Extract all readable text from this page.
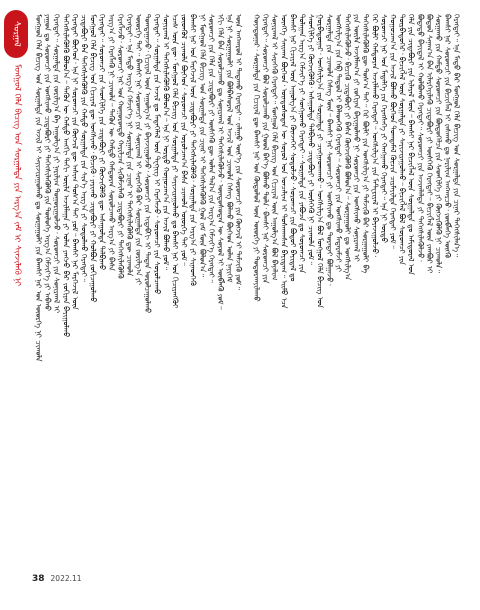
ᠰᠤᠷᠭᠠᠯ
ᠮᠣᠩᠭᠣᠯ ᠬᠡᠯᠡ ᠪᠢᠴᠢᠭ ᠤᠨ ᠰᠤᠷᠭᠠᠯᠲᠠ ᠶᠢᠨ ᠠᠷᠭ᠎ᠠ ᠵᠠᠮ ᠢ ᠰᠢᠨᠵᠢᠯᠡᠬᠦ ᠨᠢ ᠮᠣᠩᠭᠣᠯ ᠬᠡᠯᠡ ᠪᠢᠴᠢᠭ ᠤᠨ ᠰᠤᠷᠭᠠᠯᠲᠠ ᠶᠢᠨ ᠠᠵᠢᠯ ᠢ ᠰᠠᠶᠢᠵᠢᠷᠠᠭᠤᠯᠬᠤ ᠳᠤ ᠰᠤᠷᠭᠠᠭᠤᠯᠢ ᠶᠢᠨ ᠪᠠᠭᠰᠢ ᠨᠠᠷ ᠤᠨ ᠦᠦᠷᠭᠡ ᠨᠢ ᠴᠢᠬᠤᠯᠠ ᠶᠠᠭᠤᠨ ᠳᠤ ᠰᠤᠷᠤᠭᠴᠢ ᠶᠢᠨ ᠤᠩᠰᠢᠬᠤ ᠴᠢᠳᠠᠪᠤᠷᠢ ᠶᠢ ᠳᠡᠭᠡᠭᠰᠢᠯᠡᠭᠦᠯᠬᠦ ᠶᠢᠨ ᠲᠥᠯᠦᠭᠡ ᠠᠷᠭ᠎ᠠ ᠬᠡᠮᠵᠢᠶ᠎ᠡ ᠶᠢ ᠠᠪᠬᠤ ᠬᠡᠷᠡᠭᠲᠡᠢ᠃ ᠰᠤᠷᠭᠠᠯᠲᠠ ᠶᠢᠨ ᠵᠤᠷᠢᠯᠭ᠎ᠠ ᠪᠠ ᠠᠭᠤᠯᠭ᠎ᠠ ᠶᠢ ᠨᠠᠷᠢᠯᠢᠭ ᠲᠤᠭᠤᠷᠢᠭᠤᠯᠵᠤ᠂ ᠰᠤᠷᠤᠭᠴᠢ ᠶᠢᠨ ᠰᠤᠨᠢᠷᠬᠠᠯ ᠢ ᠳᠡᠭᠡᠭᠰᠢᠯᠡᠭᠦᠯᠬᠦ ᠪᠣᠯᠤᠨ᠎ᠠ᠃ ᠲᠡᠭᠦᠨ ᠦ ᠬᠠᠮᠲᠤ ᠠᠩᠭᠢ ᠳᠠᠬᠢ ᠦᠢᠯᠡ ᠠᠵᠢᠯᠯᠠᠭᠠ ᠶᠢ ᠣᠯᠠᠨ ᠶᠠᠩᠵᠤ ᠪᠡᠷ ᠵᠣᠬᠢᠶᠠᠨ ᠪᠠᠶᠢᠭᠤᠯᠬᠤ ᠬᠡᠷᠡᠭᠲᠡᠢ ᠪᠥᠭᠡᠳ᠂ ᠡᠨᠡ ᠨᠢ ᠰᠤᠷᠤᠭᠴᠢ ᠶᠢᠨ ᠬᠥᠭᠵᠢᠯ ᠳᠦ ᠠᠰᠢᠭ ᠲᠤᠰ᠎ᠠ ᠲᠠᠢ ᠶᠤᠮ᠃ ᠪᠠᠭᠰᠢ ᠨᠠᠷ ᠮᠡᠷᠭᠡᠵᠢᠯ ᠦᠨ ᠴᠢᠳᠠᠪᠤᠷᠢ ᠪᠡᠨ ᠳᠡᠭᠡᠭᠰᠢᠯᠡᠭᠦᠯᠬᠦ ᠶᠢᠨ ᠬᠠᠮᠲᠤ ᠰᠤᠷᠭᠠᠯᠲᠠ ᠶᠢᠨ ᠰᠢᠨ᠎ᠡ ᠠᠷᠭ᠎ᠠ ᠶᠢ ᠰᠤᠳᠤᠯᠬᠤ ᠬᠡᠷᠡᠭᠲᠡᠢ᠃ ᠮᠣᠩᠭᠣᠯ ᠬᠡᠯᠡ ᠪᠢᠴᠢᠭ ᠤᠨ ᠬᠢᠴᠢᠶᠡᠯ ᠳᠦ ᠤᠩᠰᠢᠬᠤ᠂ ᠪᠢᠴᠢᠬᠦ᠂ ᠶᠠᠷᠢᠬᠤ ᠴᠢᠳᠠᠪᠤᠷᠢ ᠶᠢ ᠬᠣᠯᠪᠣᠨ ᠵᠣᠬᠢᠴᠠᠭᠤᠯᠬᠤ ᠬᠡᠷᠡᠭᠲᠡᠢ᠃ ᠰᠤᠷᠤᠭᠴᠢ ᠶᠢᠨ ᠰᠡᠳᠬᠢᠯᠭᠡ ᠶᠢᠨ ᠴᠢᠳᠠᠪᠤᠷᠢ ᠶᠢ ᠬᠥᠭᠵᠢᠭᠦᠯᠬᠦ ᠳᠦ ᠠᠰᠠᠭᠤᠯᠲᠠ ᠲᠠᠯᠪᠢᠬᠤ ᠠᠷᠭ᠎ᠠ ᠶᠢ ᠬᠡᠷᠡᠭᠯᠡᠬᠦ ᠨᠢ ᠴᠢᠬᠤᠯᠠ᠃ ᠲᠡᠭᠦᠨ ᠦ ᠬᠠᠮᠲᠤ ᠬᠠᠮᠲᠤᠷᠠᠨ ᠰᠤᠷᠤᠯᠴᠠᠬᠤ ᠠᠷᠭ᠎ᠠ ᠶᠢ ᠪᠠᠰᠠ ᠬᠡᠷᠡᠭᠯᠡᠵᠦ᠂ ᠰᠤᠷᠤᠭᠴᠢ ᠨᠠᠷ ᠤᠨ ᠬᠣᠭᠣᠷᠣᠨᠳᠤ ᠬᠠᠷᠢᠯᠴᠠᠨ ᠰᠢᠭᠦᠮᠵᠢᠯᠡᠬᠦ ᠴᠢᠳᠠᠪᠤᠷᠢ ᠶᠢ ᠳᠡᠭᠡᠭᠰᠢᠯᠡᠭᠦᠯᠬᠦ ᠬᠡᠷᠡᠭᠲᠡᠢ᠃ ᠡᠨᠡ ᠮᠡᠲᠦ ᠠᠷᠭ᠎ᠠ ᠬᠡᠮᠵᠢᠶ᠎ᠡ ᠨᠢ ᠰᠤᠷᠭᠠᠯᠲᠠ ᠶᠢᠨ ᠴᠢᠨᠠᠷ ᠢ ᠳᠡᠭᠡᠭᠰᠢᠯᠡᠭᠦᠯᠬᠦ ᠳᠦ ᠴᠢᠬᠤᠯᠠ ᠦᠦᠷᠭᠡ ᠲᠠᠢ᠃ ᠪᠠᠭᠰᠢ ᠨᠠᠷ ᠰᠤᠷᠤᠭᠴᠢ ᠶᠢᠨ ᠰᠣᠨᠢᠷᠬᠠᠯ ᠢ ᠰᠡᠷᠡᠭᠡᠬᠦ ᠪᠡᠷ ᠰᠤᠷᠭᠠᠯᠲᠠ ᠶᠢᠨ ᠵᠤᠷᠢᠯᠭ᠎ᠠ ᠶᠢ ᠲᠣᠭᠲᠠᠭᠠᠵᠤ᠂ ᠬᠢᠴᠢᠶᠡᠯ ᠦᠨ ᠠᠭᠤᠯᠭ᠎ᠠ ᠶᠢ ᠪᠠᠶᠠᠵᠢᠭᠤᠯᠵᠤ᠂ ᠰᠤᠷᠤᠭᠴᠢ ᠶᠢᠨ ᠢᠳᠡᠪᠬᠢ ᠢ ᠲᠠᠲᠠᠨ ᠣᠷᠣᠯᠴᠠᠭᠤᠯᠬᠤ ᠬᠡᠷᠡᠭᠲᠡᠢ᠃ ᠰᠤᠷᠭᠠᠯᠲᠠ ᠶᠢᠨ ᠠᠵᠢᠯ ᠳᠤ ᠮᠡᠳᠡᠭᠡᠯᠡᠯ ᠦᠨ ᠲᠧᠭᠨᠢᠭ ᠢ ᠬᠡᠷᠡᠭᠯᠡᠵᠦ᠂ ᠰᠤᠷᠤᠭᠴᠢ ᠶᠢᠨ ᠰᠤᠷᠤᠯᠴᠠᠬᠤ ᠰᠣᠨᠢᠷᠬᠠᠯ ᠢ ᠳᠡᠭᠡᠭᠰᠢᠯᠡᠭᠦᠯᠬᠦ ᠪᠣᠯᠤᠨ᠎ᠠ᠃ ᠡᠨᠡ ᠨᠢ ᠤᠷᠲᠤ ᠬᠤᠭᠤᠴᠠᠭ᠎ᠠ ᠶᠢᠨ ᠠᠵᠢᠯ ᠪᠣᠯᠬᠤ ᠶᠤᠮ᠃ ᠡᠴᠡᠰ ᠦᠨ ᠳᠦ᠂ ᠮᠣᠩᠭᠣᠯ ᠬᠡᠯᠡ ᠪᠢᠴᠢᠭ ᠤᠨ ᠰᠤᠷᠭᠠᠯᠲᠠ ᠶᠢ ᠰᠠᠶᠢᠵᠢᠷᠠᠭᠤᠯᠬᠤ ᠳᠤ ᠪᠠᠭᠰᠢ ᠨᠠᠷ ᠤᠨ ᠬᠢᠴᠢᠶᠡᠩᠭᠦᠢ ᠵᠦᠳᠭᠦᠯ ᠴᠢᠬᠤᠯᠠ ᠪᠥᠭᠡᠳ᠂ ᠰᠤᠷᠤᠭᠴᠢ ᠶᠢᠨ ᠣᠷᠣᠯᠴᠠᠭ᠎ᠠ ᠪᠠᠰᠠ ᠴᠢᠬᠤᠯᠠ ᠦᠦᠷᠭᠡ ᠲᠠᠢ ᠶᠤᠮ᠃ ᠪᠠᠭᠰᠢ ᠨᠠᠷ ᠤᠨ ᠮᠡᠷᠭᠡᠵᠢᠯ ᠦᠨ ᠴᠢᠳᠠᠪᠤᠷᠢ ᠶᠢ ᠳᠡᠭᠡᠭᠰᠢᠯᠡᠭᠦᠯᠬᠦ᠂ ᠰᠤᠷᠭᠠᠯᠲᠠ ᠶᠢᠨ ᠠᠷᠭ᠎ᠠ ᠶᠢ ᠰᠢᠨᠡᠳᠬᠡᠬᠦ ᠨᠢ ᠮᠣᠩᠭᠣᠯ ᠬᠡᠯᠡ ᠪᠢᠴᠢᠭ ᠤᠨ ᠰᠤᠷᠭᠠᠯᠲᠠ ᠶᠢᠨ ᠴᠢᠨᠠᠷ ᠢ ᠳᠡᠭᠡᠭᠰᠢᠯᠡᠭᠦᠯᠬᠦ ᠭᠣᠯ ᠵᠠᠮ ᠮᠥᠨ ᠪᠣᠯᠤᠨ᠎ᠠ᠃ ᠰᠤᠷᠤᠭᠴᠢ ᠶᠢᠨ ᠬᠡᠯᠡ ᠶᠢᠨ ᠴᠢᠳᠠᠪᠤᠷᠢ ᠶᠢ ᠥᠰᠬᠡᠬᠦ ᠳᠦ ᠣᠯᠠᠨ ᠲᠠᠯ᠎ᠠ ᠶᠢᠨ ᠠᠷᠭ᠎ᠠ ᠬᠡᠮᠵᠢᠶ᠎ᠡ ᠬᠡᠷᠡᠭᠲᠡᠢ᠃ ᠡᠬᠢ ᠬᠡᠯᠡ ᠪᠡᠨ ᠰᠤᠷᠤᠯᠴᠠᠬᠤ ᠳᠤ ᠰᠣᠨᠢᠷᠬᠠᠯ ᠢ ᠳᠡᠭᠡᠭᠰᠢᠯᠡᠭᠦᠯᠵᠦ᠂ ᠦᠨᠳᠦᠰᠦᠲᠡᠨ ᠦ ᠰᠣᠶᠣᠯ ᠢ ᠥᠪᠯᠡᠬᠦ ᠶᠤᠮ᠃ ᠡᠨᠡ ᠨᠢ ᠰᠤᠷᠭᠠᠭᠤᠯᠢ ᠶᠢᠨ ᠪᠣᠯᠪᠠᠰᠤᠷᠠᠯ ᠤᠨ ᠠᠵᠢᠯ ᠤᠨ ᠴᠢᠬᠤᠯᠠ ᠬᠡᠰᠡᠭ ᠪᠣᠯᠬᠤ ᠪᠥᠭᠡᠳ ᠣᠯᠠᠨ ᠨᠡᠶᠢᠭᠡᠮ ᠦᠨ ᠠᠩᠬᠠᠷᠤᠯ ᠢ ᠲᠠᠲᠠᠬᠤ ᠬᠡᠷᠡᠭᠲᠡᠢ᠃ ᠵᠠᠯᠠᠭᠤ ᠦᠶ᠎ᠡ ᠶᠢᠨ ᠰᠤᠷᠤᠭᠴᠢ ᠶᠢᠨ ᠬᠥᠭᠵᠢᠯ ᠢ ᠳᠡᠮᠵᠢᠬᠦ ᠶᠤᠮ᠃ ᠬᠣᠶᠠᠳᠤᠭᠠᠷ᠂ ᠰᠤᠷᠭᠠᠯᠲᠠ ᠶᠢᠨ ᠬᠢᠴᠢᠶᠡᠯ ᠳᠦ ᠪᠠᠭᠰᠢ ᠨᠠᠷ ᠤᠨ ᠬᠥᠲᠦᠯᠦᠯ ᠦᠨ ᠦᠦᠷᠭᠡ ᠶᠢ ᠲᠣᠳᠤᠷᠬᠠᠶᠢᠯᠠᠬᠤ ᠬᠡᠷᠡᠭᠲᠡᠢ᠃ ᠰᠤᠷᠤᠭᠴᠢ ᠪᠣᠯ ᠰᠤᠷᠤᠯᠴᠠᠬᠤ ᠶᠢᠨ ᠭᠣᠣᠯ ᠪᠡᠶ᠎ᠡ ᠪᠣᠯᠬᠤ ᠲᠤᠯᠠ᠂ ᠪᠠᠭᠰᠢ ᠨᠠᠷ ᠰᠤᠷᠤᠭᠴᠢ ᠶᠢᠨ ᠰᠣᠨᠢᠷᠬᠠᠯ ᠢ ᠰᠡᠷᠡᠭᠡᠬᠦ ᠬᠡᠷᠡᠭᠲᠡᠢ᠃ ᠮᠣᠩᠭᠣᠯ ᠬᠡᠯᠡ ᠪᠢᠴᠢᠭ ᠤᠨ ᠬᠢᠴᠢᠶᠡᠯ ᠦᠨ ᠠᠭᠤᠯᠭ᠎ᠠ ᠪᠣᠯ ᠪᠠᠶᠠᠯᠢᠭ ᠥᠩᠭᠡ ᠰᠠᠢᠬᠠᠨ ᠪᠥᠭᠡᠳ᠂ ᠦᠨᠳᠦᠰᠦᠲᠡᠨ ᠦ ᠰᠣᠶᠣᠯ ᠤᠨ ᠣᠨᠴᠠᠯᠢᠭ ᠢ ᠲᠤᠰᠬᠠᠭᠰᠠᠨ ᠪᠠᠶᠢᠳᠠᠭ᠃ ᠡᠢᠮᠦ ᠡᠴᠡ ᠪᠠᠭᠰᠢ ᠨᠠᠷ ᠬᠢᠴᠢᠶᠡᠯ ᠦᠨ ᠠᠭᠤᠯᠭ᠎ᠠ ᠶᠢ ᠭᠦᠨᠵᠡᠭᠡᠢ ᠰᠤᠳᠤᠯᠵᠤ᠂ ᠰᠤᠷᠤᠭᠴᠢ ᠶᠢᠨ ᠪᠣᠳᠤᠢ ᠪᠠᠶᠢᠳᠠᠯ ᠳᠤ ᠳᠤᠯᠠᠭᠠᠨ ᠠᠷᠭ᠎ᠠ ᠬᠡᠮᠵᠢᠶ᠎ᠡ ᠶᠢ ᠰᠣᠩᠭᠣᠬᠤ ᠬᠡᠷᠡᠭᠲᠡᠢ᠃ ᠰᠤᠷᠭᠠᠯᠲᠠ ᠶᠢᠨ ᠶᠠᠪᠤᠴᠠ ᠳᠤ ᠰᠤᠷᠤᠭᠴᠢ ᠶᠢᠨ ᠰᠡᠳᠬᠢᠯᠭᠡ ᠶᠢ ᠬᠥᠭᠵᠢᠭᠦᠯᠬᠦ᠂ ᠠᠰᠠᠭᠤᠯᠲᠠ ᠲᠠᠯᠪᠢᠬᠤ ᠴᠢᠳᠠᠪᠤᠷᠢ ᠶᠢ ᠥᠰᠬᠡᠬᠦ ᠨᠢ ᠴᠢᠬᠤᠯᠠ ᠶᠤᠮ᠃ ᠭᠤᠷᠪᠠᠳᠤᠭᠠᠷ᠂ ᠤᠩᠰᠢᠯᠭ᠎ᠠ ᠶᠢᠨ ᠰᠤᠷᠭᠠᠯᠲᠠ ᠶᠢ ᠴᠢᠩᠭᠠᠳᠬᠠᠬᠤ᠃ ᠤᠩᠰᠢᠯᠭ᠎ᠠ ᠪᠣᠯ ᠮᠣᠩᠭᠣᠯ ᠬᠡᠯᠡ ᠪᠢᠴᠢᠭ ᠤᠨ ᠰᠤᠷᠭᠠᠯᠲᠠ ᠶᠢᠨ ᠴᠢᠬᠤᠯᠠ ᠬᠡᠰᠡᠭ ᠮᠥᠨ᠃ ᠪᠠᠭᠰᠢ ᠨᠠᠷ ᠰᠤᠷᠤᠭᠴᠢ ᠶᠢ ᠤᠩᠰᠢᠬᠤ ᠳᠤ ᠳᠤᠷᠠᠲᠠᠢ ᠪᠣᠯᠭᠠᠵᠤ᠂ ᠤᠩᠰᠢᠯᠭ᠎ᠠ ᠶᠢᠨ ᠬᠡᠪ ᠳᠠᠳᠤᠯ ᠢ ᠪᠡᠯᠡᠳᠬᠡᠬᠦ ᠬᠡᠷᠡᠭᠲᠡᠢ᠃ ᠰᠤᠷᠤᠭᠴᠢ ᠶᠢᠨ ᠤᠩᠰᠢᠬᠤ ᠮᠡᠳᠡᠷᠡᠮᠵᠢ ᠶᠢ ᠳᠡᠭᠡᠭᠰᠢᠯᠡᠭᠦᠯᠵᠦ᠂ ᠪᠢᠴᠢᠬᠦ ᠴᠢᠳᠠᠪᠤᠷᠢ ᠶᠢ ᠪᠠᠰᠠ ᠬᠥᠭᠵᠢᠭᠦᠯᠬᠦ ᠪᠣᠯᠤᠨ᠎ᠠ᠃ ᠰᠤᠷᠭᠠᠭᠤᠯᠢ ᠳᠤ ᠤᠩᠰᠢᠯᠭ᠎ᠠ ᠶᠢᠨ ᠦᠢᠯᠡ ᠠᠵᠢᠯᠯᠠᠭ᠎ᠠ ᠶᠢ ᠵᠣᠬᠢᠶᠠᠨ ᠪᠠᠶᠢᠭᠤᠯᠬᠤ ᠨᠢ ᠰᠤᠷᠤᠭᠴᠢ ᠶᠢᠨ ᠤᠩᠰᠢᠬᠤ ᠰᠣᠨᠢᠷᠬᠠᠯ ᠢ ᠳᠡᠭᠡᠭᠰᠢᠯᠡᠭᠦᠯᠬᠦ ᠳᠦ ᠲᠤᠰ᠎ᠠ ᠲᠠᠢ᠃ ᠭᠡᠷ ᠪᠦᠯᠢ ᠶᠢᠨ ᠤᠩᠰᠢᠯᠭ᠎ᠠ ᠶᠢ ᠳᠡᠮᠵᠢᠬᠦ ᠪᠡᠷ ᠰᠤᠷᠭᠠᠭᠤᠯᠢ ᠪᠠ ᠭᠡᠷ ᠪᠦᠯᠢ ᠬᠠᠮᠲᠤᠷᠠᠨ ᠠᠵᠢᠯᠯᠠᠬᠤ ᠬᠡᠷᠡᠭᠲᠡᠢ᠃ ᠤᠩᠰᠢᠯᠭ᠎ᠠ ᠶᠢᠨ ᠮᠠᠲᠧᠷᠢᠶᠠᠯ ᠢ ᠪᠠᠶᠠᠵᠢᠭᠤᠯᠵᠤ᠂ ᠰᠤᠷᠤᠭᠴᠢ ᠨᠠᠷ ᠤᠨ ᠮᠡᠳᠡᠯᠭᠡ ᠶᠢᠨ ᠬᠡᠷᠡᠭᠰᠡᠭᠡ ᠶᠢ ᠬᠠᠩᠭᠠᠬᠤ ᠬᠡᠷᠡᠭᠲᠡᠢ᠃ ᠡᠨᠡ ᠨᠢ ᠤᠷᠲᠤ ᠬᠤᠭᠤᠴᠠᠭ᠎ᠠ ᠶᠢᠨ ᠠᠵᠢᠯ ᠪᠣᠯᠬᠤ ᠪᠥᠭᠡᠳ ᠲᠣᠭᠲᠠᠮᠠᠯ ᠬᠦᠴᠢᠨ ᠴᠢᠷᠮᠠᠶᠢᠯᠲᠠ ᠬᠡᠷᠡᠭᠲᠡᠢ ᠶᠤᠮ᠃ ᠳᠥᠷᠪᠡᠳᠦᠭᠡᠷ᠂ ᠪᠢᠴᠢᠭᠯᠡᠯ ᠦᠨ ᠰᠤᠷᠭᠠᠯᠲᠠ ᠶᠢ ᠰᠠᠶᠢᠵᠢᠷᠠᠭᠤᠯᠬᠤ᠃ ᠪᠢᠴᠢᠭᠯᠡᠯ ᠪᠣᠯ ᠰᠤᠷᠤᠭᠴᠢ ᠶᠢᠨ ᠬᠡᠯᠡ ᠶᠢᠨ ᠴᠢᠳᠠᠪᠤᠷᠢ ᠶᠢᠨ ᠢᠯᠡᠷᠡᠯ ᠮᠥᠨ᠃ ᠪᠠᠭᠰᠢ ᠨᠠᠷ ᠪᠢᠴᠢᠭᠯᠡᠯ ᠦᠨ ᠰᠤᠷᠭᠠᠯᠲᠠ ᠳᠤ ᠠᠮᠢᠳᠤᠷᠠᠯ ᠤᠨ ᠪᠣᠳᠠᠲᠤ ᠪᠠᠶᠢᠳᠠᠯ ᠢ ᠬᠣᠯᠪᠣᠬᠤ ᠬᠡᠷᠡᠭᠲᠡᠢ᠃ ᠰᠤᠷᠤᠭᠴᠢ ᠶᠢᠨ ᠠᠵᠢᠭᠯᠠᠯᠲᠠ ᠶᠢ ᠳᠡᠭᠡᠭᠰᠢᠯᠡᠭᠦᠯᠵᠦ᠂ ᠪᠣᠳᠤᠯ ᠰᠠᠨᠠᠭ᠎ᠠ ᠪᠡᠨ ᠢᠯᠡᠷᠬᠡᠶᠢᠯᠡᠬᠦ ᠴᠢᠳᠠᠪᠤᠷᠢ ᠶᠢ ᠥᠰᠬᠡᠬᠦ ᠬᠡᠷᠡᠭᠲᠡᠢ᠃ ᠪᠢᠴᠢᠭᠯᠡᠯ ᠦᠨ ᠵᠠᠭᠪᠤᠷ ᠢ ᠰᠤᠷᠭᠠᠬᠤ ᠶᠢᠨ ᠬᠠᠮᠲᠤ ᠰᠤᠷᠤᠭᠴᠢ ᠶᠢᠨ ᠪᠦᠲᠦᠭᠡᠯᠴᠡ ᠶᠢᠨ ᠰᠡᠳᠬᠢᠯᠭᠡ ᠶᠢ ᠬᠥᠭᠵᠢᠭᠦᠯᠬᠦ ᠨᠢ ᠴᠢᠬᠤᠯᠠ᠃ ᠪᠠᠭᠰᠢ ᠨᠠᠷ ᠰᠤᠷᠤᠭᠴᠢ ᠶᠢᠨ ᠪᠢᠴᠢᠭᠯᠡᠯ ᠢ ᠵᠠᠰᠠᠬᠤ ᠳᠤ ᠨᠠᠷᠢᠯᠢᠭ ᠠᠩᠬᠠᠷᠴᠤ᠂ ᠵᠥᠪᠯᠡᠭᠡ ᠥᠭᠬᠦ ᠬᠡᠷᠡᠭᠲᠡᠢ᠃ ᠡᠨᠡ ᠮᠡᠲᠦ ᠪᠡᠷ ᠮᠣᠩᠭᠣᠯ ᠬᠡᠯᠡ ᠪᠢᠴᠢᠭ ᠤᠨ ᠰᠤᠷᠭᠠᠯᠲᠠ ᠶᠢᠨ ᠴᠢᠨᠠᠷ ᠳᠡᠭᠡᠭᠰᠢᠯᠡᠨ᠎ᠡ᠃
38 2022.11
